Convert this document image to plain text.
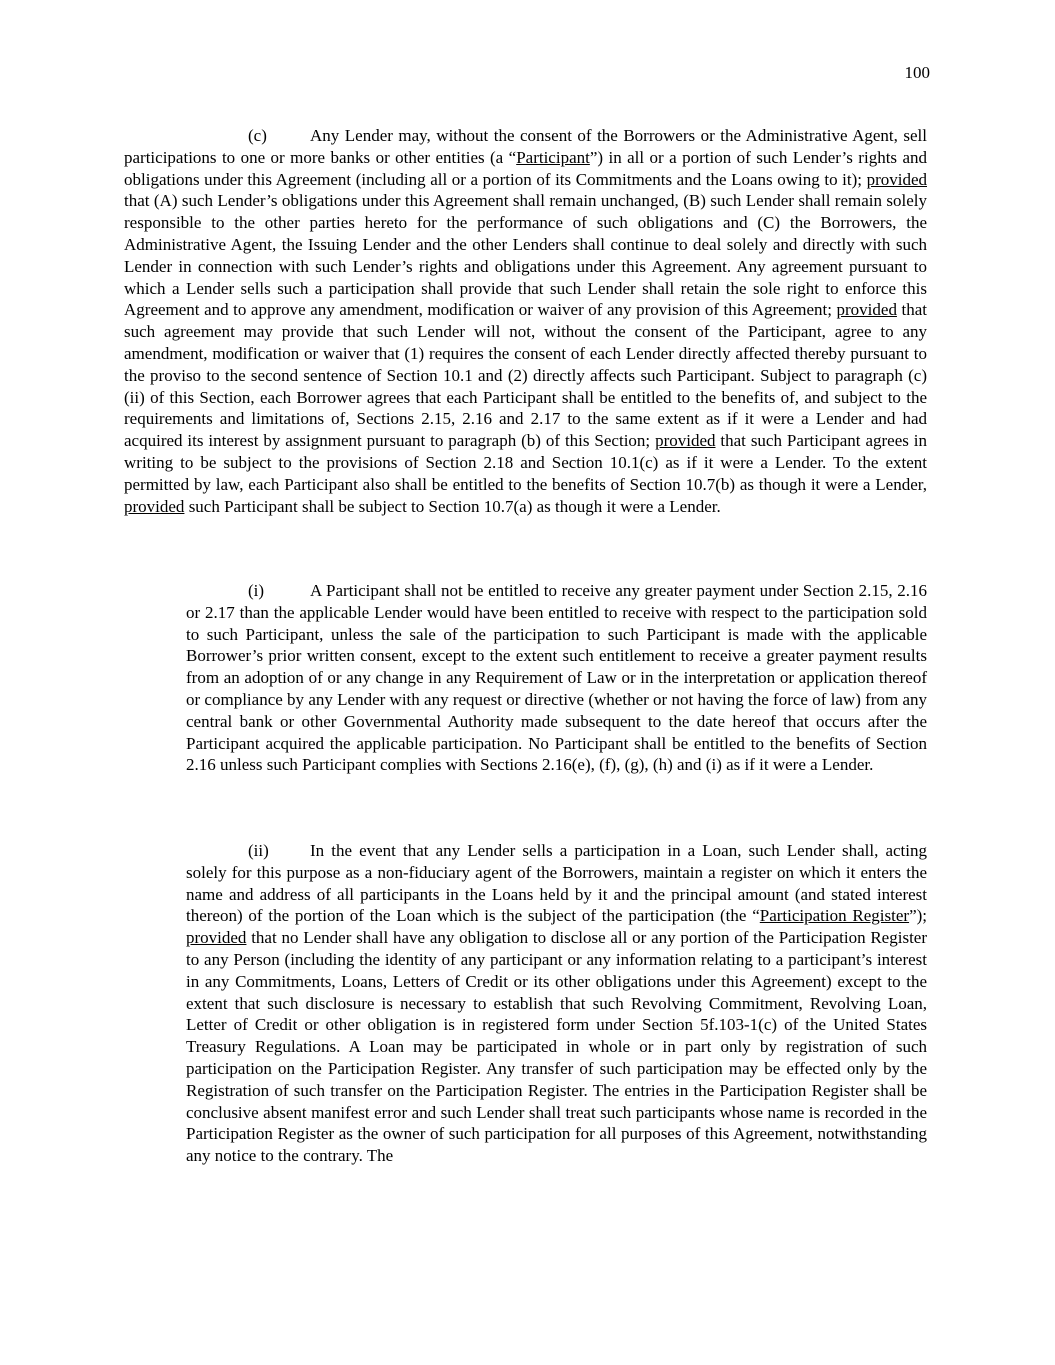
100

(c)	Any Lender may, without the consent of the Borrowers or the Administrative Agent, sell participations to one or more banks or other entities (a “Participant”) in all or a portion of such Lender’s rights and obligations under this Agreement (including all or a portion of its Commitments and the Loans owing to it); provided that (A) such Lender’s obligations under this Agreement shall remain unchanged, (B) such Lender shall remain solely responsible to the other parties hereto for the performance of such obligations and (C) the Borrowers, the Administrative Agent, the Issuing Lender and the other Lenders shall continue to deal solely and directly with such Lender in connection with such Lender’s rights and obligations under this Agreement. Any agreement pursuant to which a Lender sells such a participation shall provide that such Lender shall retain the sole right to enforce this Agreement and to approve any amendment, modification or waiver of any provision of this Agreement; provided that such agreement may provide that such Lender will not, without the consent of the Participant, agree to any amendment, modification or waiver that (1) requires the consent of each Lender directly affected thereby pursuant to the proviso to the second sentence of Section 10.1 and (2) directly affects such Participant. Subject to paragraph (c)(ii) of this Section, each Borrower agrees that each Participant shall be entitled to the benefits of, and subject to the requirements and limitations of, Sections 2.15, 2.16 and 2.17 to the same extent as if it were a Lender and had acquired its interest by assignment pursuant to paragraph (b) of this Section; provided that such Participant agrees in writing to be subject to the provisions of Section 2.18 and Section 10.1(c) as if it were a Lender. To the extent permitted by law, each Participant also shall be entitled to the benefits of Section 10.7(b) as though it were a Lender, provided such Participant shall be subject to Section 10.7(a) as though it were a Lender.

(i)	A Participant shall not be entitled to receive any greater payment under Section 2.15, 2.16 or 2.17 than the applicable Lender would have been entitled to receive with respect to the participation sold to such Participant, unless the sale of the participation to such Participant is made with the applicable Borrower’s prior written consent, except to the extent such entitlement to receive a greater payment results from an adoption of or any change in any Requirement of Law or in the interpretation or application thereof or compliance by any Lender with any request or directive (whether or not having the force of law) from any central bank or other Governmental Authority made subsequent to the date hereof that occurs after the Participant acquired the applicable participation. No Participant shall be entitled to the benefits of Section 2.16 unless such Participant complies with Sections 2.16(e), (f), (g), (h) and (i) as if it were a Lender.

(ii) In the event that any Lender sells a participation in a Loan, such Lender shall, acting solely for this purpose as a non-fiduciary agent of the Borrowers, maintain a register on which it enters the name and address of all participants in the Loans held by it and the principal amount (and stated interest thereon) of the portion of the Loan which is the subject of the participation (the “Participation Register”); provided that no Lender shall have any obligation to disclose all or any portion of the Participation Register to any Person (including the identity of any participant or any information relating to a participant’s interest in any Commitments, Loans, Letters of Credit or its other obligations under this Agreement) except to the extent that such disclosure is necessary to establish that such Revolving Commitment, Revolving Loan, Letter of Credit or other obligation is in registered form under Section 5f.103-1(c) of the United States Treasury Regulations. A Loan may be participated in whole or in part only by registration of such participation on the Participation Register. Any transfer of such participation may be effected only by the Registration of such transfer on the Participation Register. The entries in the Participation Register shall be conclusive absent manifest error and such Lender shall treat such participants whose name is recorded in the Participation Register as the owner of such participation for all purposes of this Agreement, notwithstanding any notice to the contrary. The
